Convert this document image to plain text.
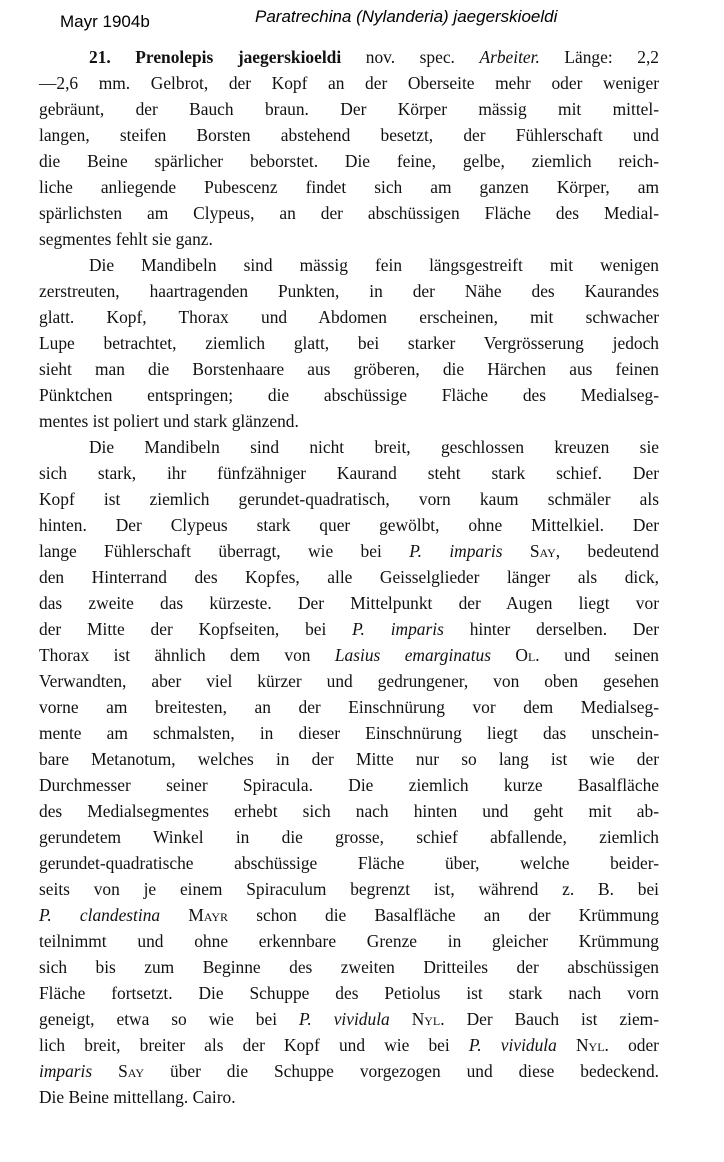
Mayr 1904b	Paratrechina (Nylanderia) jaegerskioeldi
21. Prenolepis jaegerskioeldi nov. spec. Arbeiter. Länge: 2,2
—2,6 mm. Gelbrot, der Kopf an der Oberseite mehr oder weniger
gebräunt, der Bauch braun. Der Körper mässig mit mittel-
langen, steifen Borsten abstehend besetzt, der Fühlerschaft und
die Beine spärlicher beborstet. Die feine, gelbe, ziemlich reich-
liche anliegende Pubescenz findet sich am ganzen Körper, am
spärlichsten am Clypeus, an der abschüssigen Fläche des Medial-
segmentes fehlt sie ganz.
Die Mandibeln sind mässig fein längsgestreift mit wenigen
zerstreuten, haartragenden Punkten, in der Nähe des Kaurandes
glatt. Kopf, Thorax und Abdomen erscheinen, mit schwacher
Lupe betrachtet, ziemlich glatt, bei starker Vergrösserung jedoch
sieht man die Borstenhaare aus gröberen, die Härchen aus feinen
Pünktchen entspringen; die abschüssige Fläche des Medialseg-
mentes ist poliert und stark glänzend.
Die Mandibeln sind nicht breit, geschlossen kreuzen sie
sich stark, ihr fünfzähniger Kaurand steht stark schief. Der
Kopf ist ziemlich gerundet-quadratisch, vorn kaum schmäler als
hinten. Der Clypeus stark quer gewölbt, ohne Mittelkiel. Der
lange Fühlerschaft überragt, wie bei P. imparis Say, bedeutend
den Hinterrand des Kopfes, alle Geisselglieder länger als dick,
das zweite das kürzeste. Der Mittelpunkt der Augen liegt vor
der Mitte der Kopfseiten, bei P. imparis hinter derselben. Der
Thorax ist ähnlich dem von Lasius emarginatus Ol. und seinen
Verwandten, aber viel kürzer und gedrungener, von oben gesehen
vorne am breitesten, an der Einschnürung vor dem Medialseg-
mente am schmalsten, in dieser Einschnürung liegt das unschein-
bare Metanotum, welches in der Mitte nur so lang ist wie der
Durchmesser seiner Spiracula. Die ziemlich kurze Basalfläche
des Medialsegmentes erhebt sich nach hinten und geht mit ab-
gerundetem Winkel in die grosse, schief abfallende, ziemlich
gerundet-quadratische abschüssige Fläche über, welche beider-
seits von je einem Spiraculum begrenzt ist, während z. B. bei
P. clandestina Mayr schon die Basalfläche an der Krümmung
teilnimmt und ohne erkennbare Grenze in gleicher Krümmung
sich bis zum Beginne des zweiten Dritteiles der abschüssigen
Fläche fortsetzt. Die Schuppe des Petiolus ist stark nach vorn
geneigt, etwa so wie bei P. vividula Nyl. Der Bauch ist ziem-
lich breit, breiter als der Kopf und wie bei P. vividula Nyl. oder
imparis Say über die Schuppe vorgezogen und diese bedeckend.
Die Beine mittellang. Cairo.
